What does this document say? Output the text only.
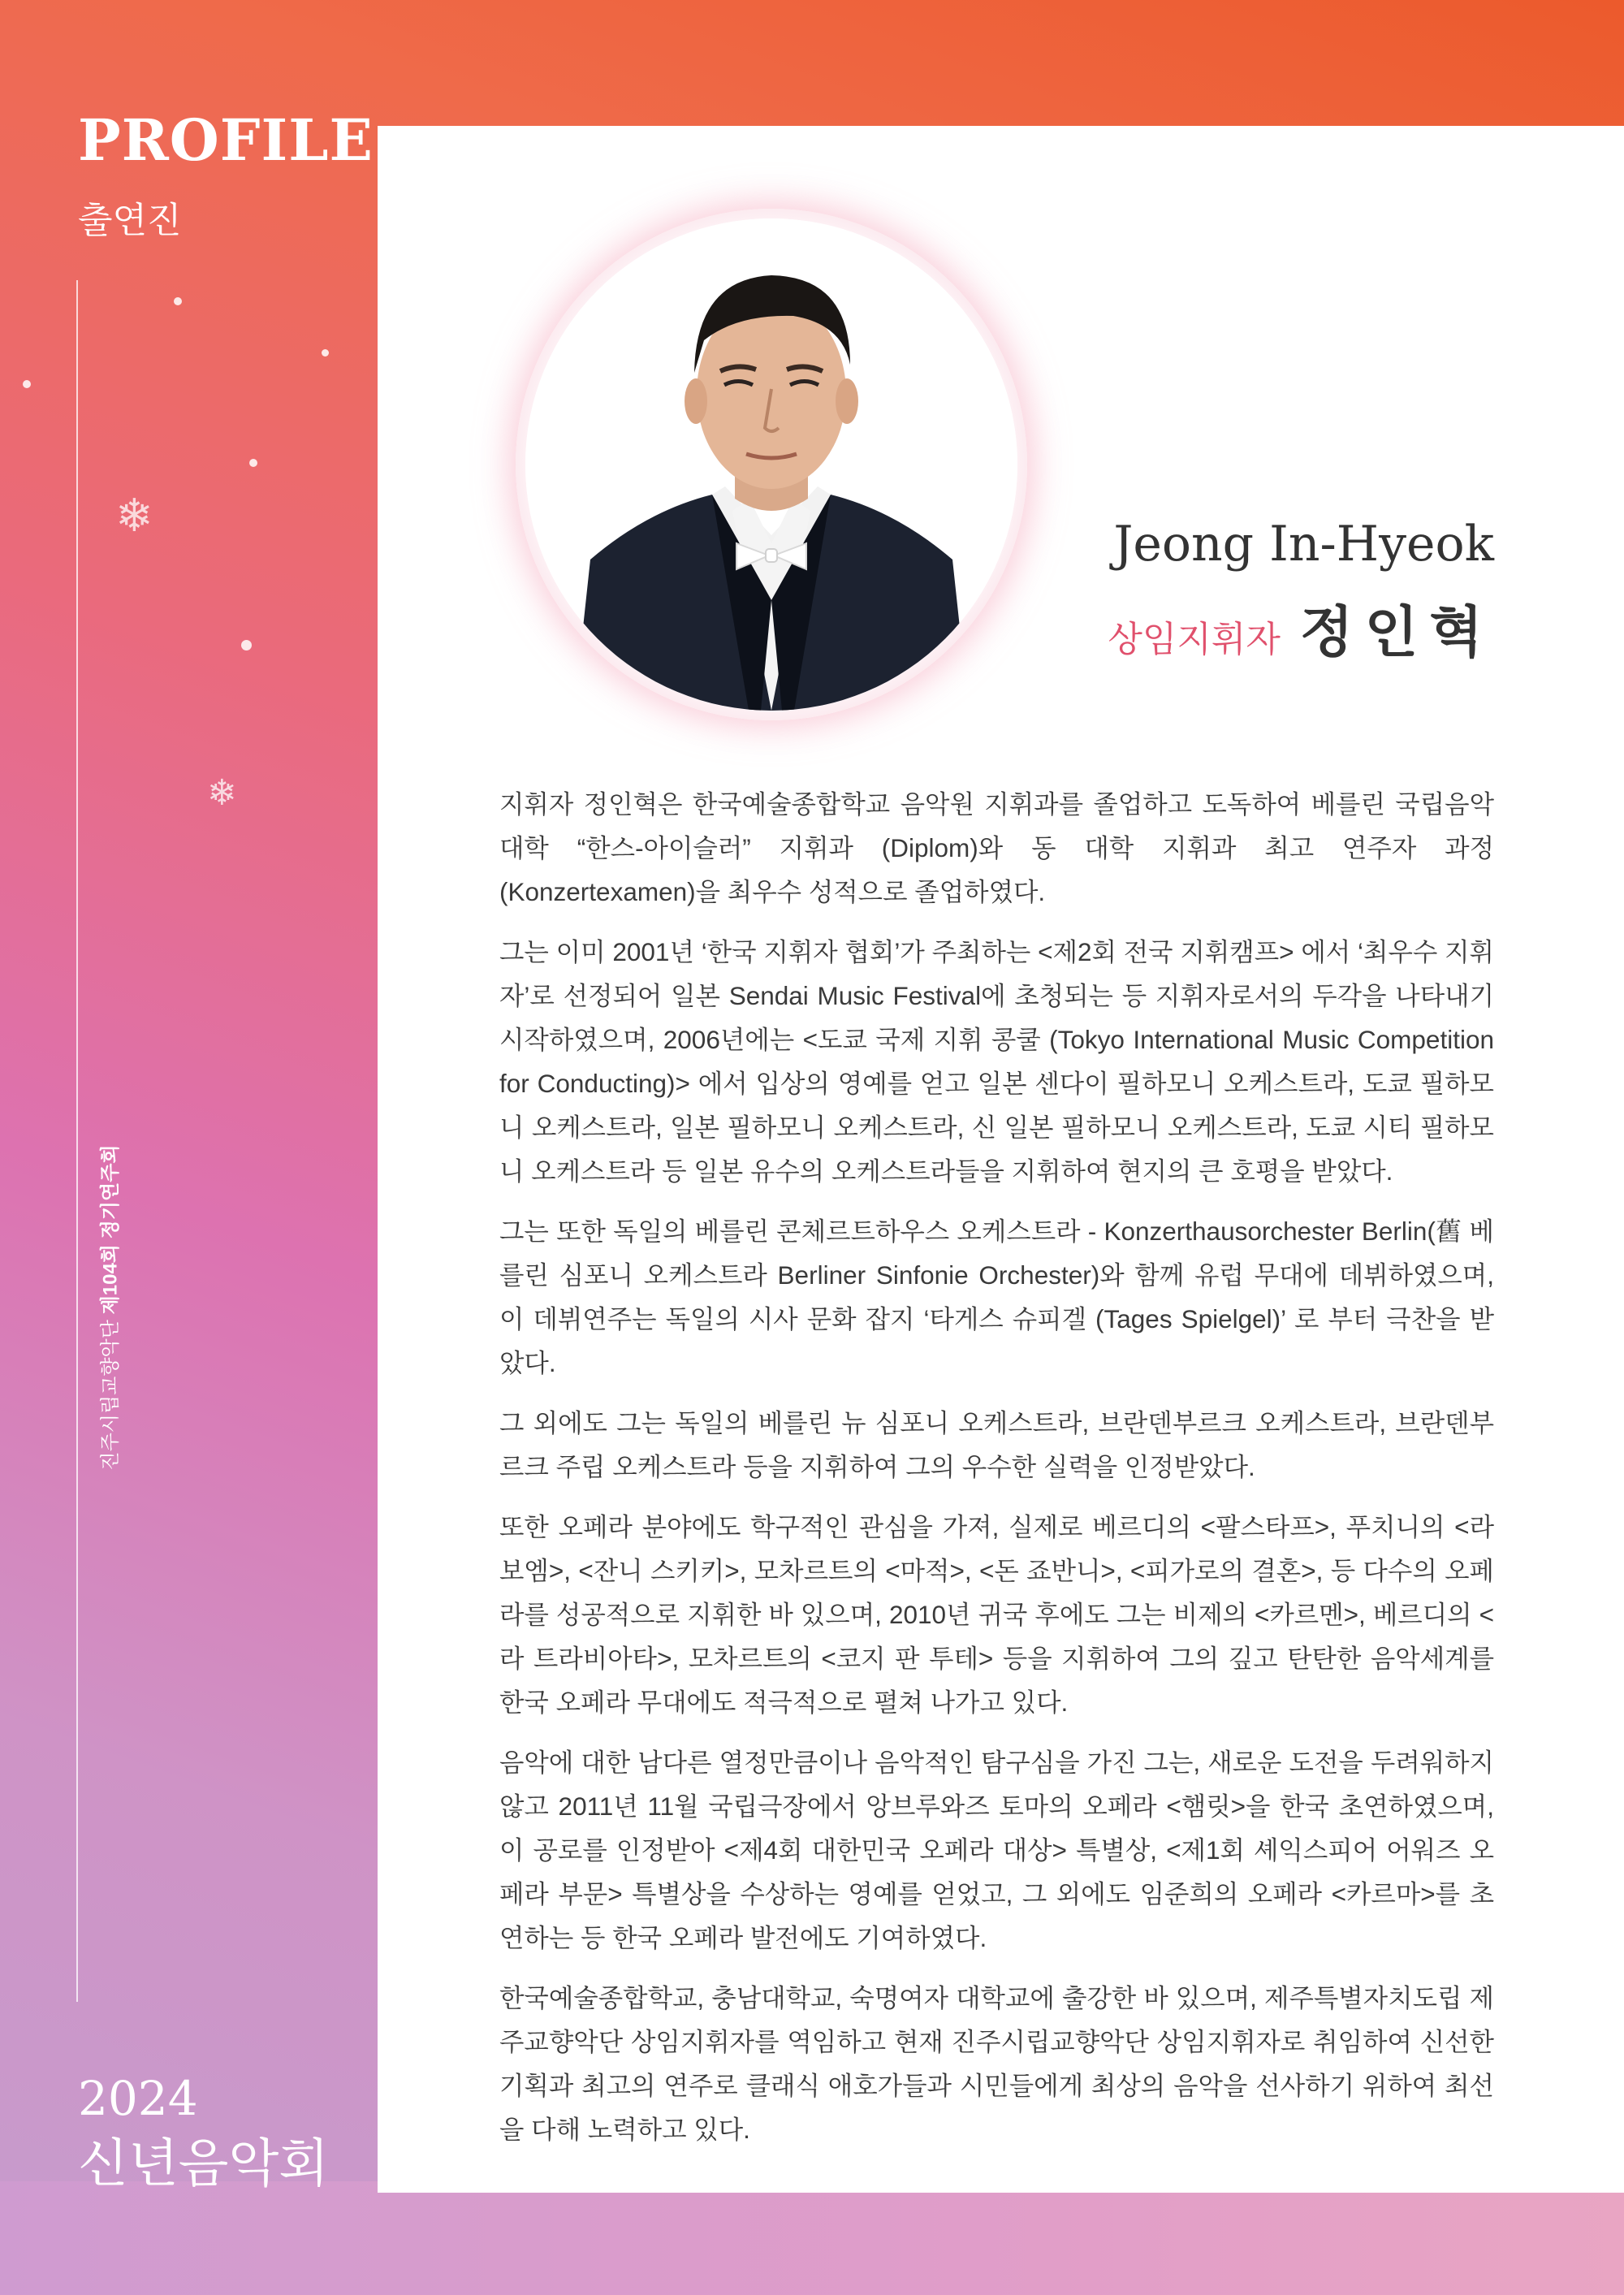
PROFILE
출연진
❄
❄
진주시립교향악단 제104회 정기연주회
2024
신년음악회
Jeong In-Hyeok
상임지휘자 정인혁

지휘자 정인혁은 한국예술종합학교 음악원 지휘과를 졸업하고 도독하여 베를린 국립음악대학 “한스-아이슬러” 지휘과 (Diplom)와 동 대학 지휘과 최고 연주자 과정 (Konzertexamen)을 최우수 성적으로 졸업하였다.

그는 이미 2001년 ‘한국 지휘자 협회’가 주최하는 <제2회 전국 지휘캠프> 에서 ‘최우수 지휘자’로 선정되어 일본 Sendai Music Festival에 초청되는 등 지휘자로서의 두각을 나타내기 시작하였으며, 2006년에는 <도쿄 국제 지휘 콩쿨 (Tokyo International Music Competition for Conducting)> 에서 입상의 영예를 얻고 일본 센다이 필하모니 오케스트라, 도쿄 필하모니 오케스트라, 일본 필하모니 오케스트라, 신 일본 필하모니 오케스트라, 도쿄 시티 필하모니 오케스트라 등 일본 유수의 오케스트라들을 지휘하여 현지의 큰 호평을 받았다.

그는 또한 독일의 베를린 콘체르트하우스 오케스트라 - Konzerthausorchester Berlin(舊 베를린 심포니 오케스트라 Berliner Sinfonie Orchester)와 함께 유럽 무대에 데뷔하였으며, 이 데뷔연주는 독일의 시사 문화 잡지 ‘타게스 슈피겔 (Tages Spielgel)’ 로 부터 극찬을 받았다.

그 외에도 그는 독일의 베를린 뉴 심포니 오케스트라, 브란덴부르크 오케스트라, 브란덴부르크 주립 오케스트라 등을 지휘하여 그의 우수한 실력을 인정받았다.

또한 오페라 분야에도 학구적인 관심을 가져, 실제로 베르디의 <팔스타프>, 푸치니의 <라보엠>, <잔니 스키키>, 모차르트의 <마적>, <돈 죠반니>, <피가로의 결혼>, 등 다수의 오페라를 성공적으로 지휘한 바 있으며, 2010년 귀국 후에도 그는 비제의 <카르멘>, 베르디의 <라 트라비아타>, 모차르트의 <코지 판 투테> 등을 지휘하여 그의 깊고 탄탄한 음악세계를 한국 오페라 무대에도 적극적으로 펼쳐 나가고 있다.

음악에 대한 남다른 열정만큼이나 음악적인 탐구심을 가진 그는, 새로운 도전을 두려워하지 않고 2011년 11월 국립극장에서 앙브루와즈 토마의 오페라 <햄릿>을 한국 초연하였으며, 이 공로를 인정받아 <제4회 대한민국 오페라 대상> 특별상, <제1회 셰익스피어 어워즈 오페라 부문> 특별상을 수상하는 영예를 얻었고, 그 외에도 임준희의 오페라 <카르마>를 초연하는 등 한국 오페라 발전에도 기여하였다.

한국예술종합학교, 충남대학교, 숙명여자 대학교에 출강한 바 있으며, 제주특별자치도립 제주교향악단 상임지휘자를 역임하고 현재 진주시립교향악단 상임지휘자로 취임하여 신선한 기획과 최고의 연주로 클래식 애호가들과 시민들에게 최상의 음악을 선사하기 위하여 최선을 다해 노력하고 있다.
